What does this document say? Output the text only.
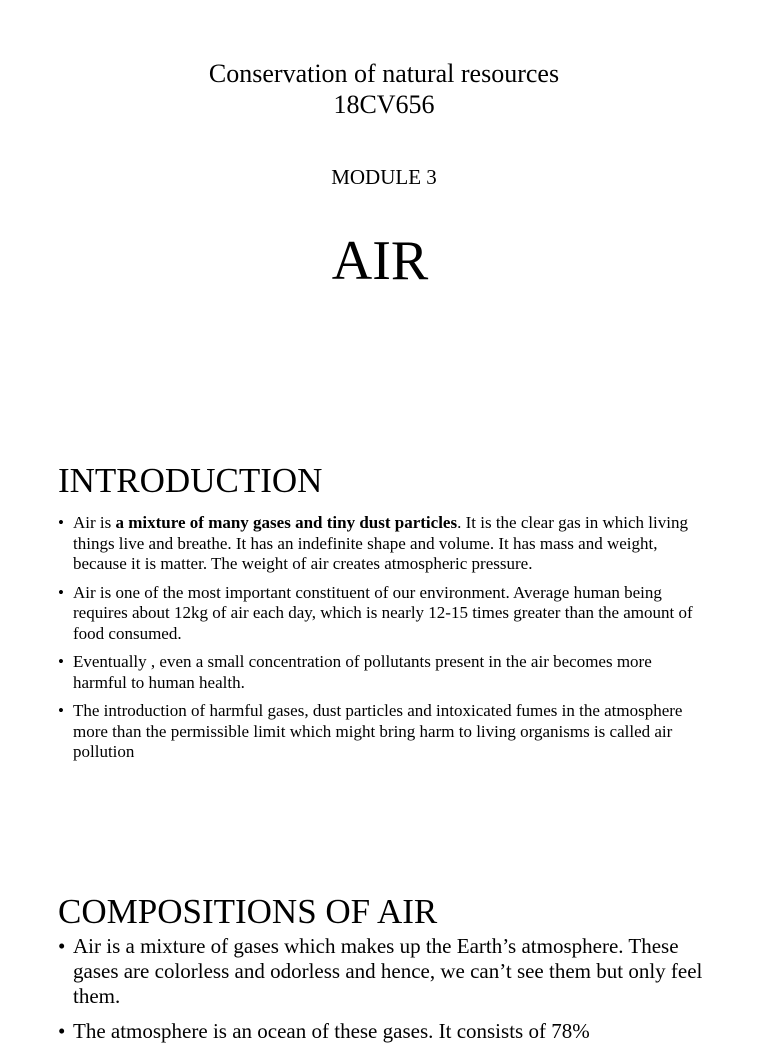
Conservation of natural resources
18CV656
MODULE 3
AIR
INTRODUCTION
• Air is a mixture of many gases and tiny dust particles. It is the clear gas in which living things live and breathe. It has an indefinite shape and volume. It has mass and weight, because it is matter. The weight of air creates atmospheric pressure.
• Air is one of the most important constituent of our environment. Average human being requires about 12kg of air each day, which is nearly 12-15 times greater than the amount of food consumed.
• Eventually , even a small concentration of pollutants present in the air becomes more harmful to human health.
• The introduction of harmful gases, dust particles and intoxicated fumes in the atmosphere more than the permissible limit which might bring harm to living organisms is called air pollution
COMPOSITIONS OF AIR
• Air is a mixture of gases which makes up the Earth’s atmosphere. These gases are colorless and odorless and hence, we can’t see them but only feel them.
• The atmosphere is an ocean of these gases. It consists of 78%
